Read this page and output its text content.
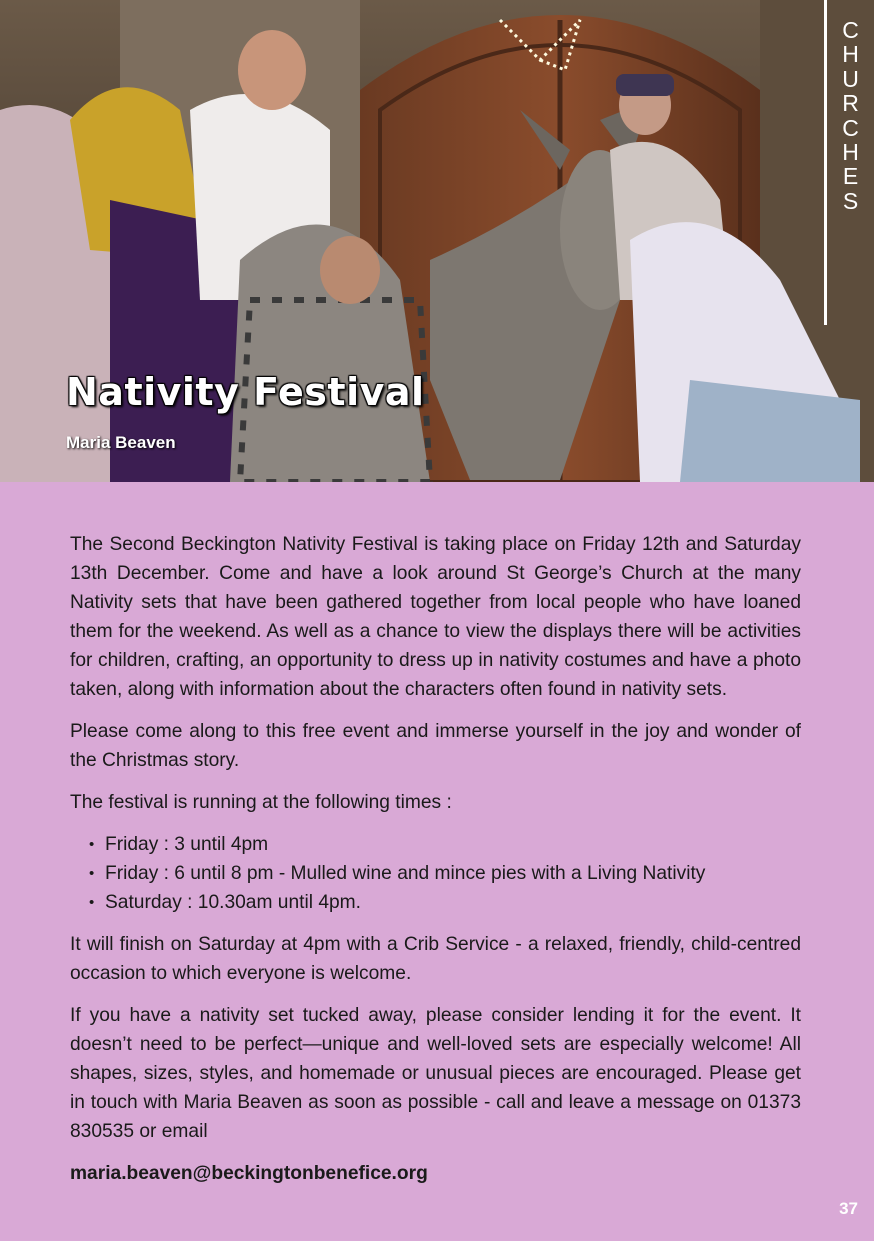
C
H
U
R
C
H
E
S
Nativity Festival
Maria Beaven

The Second Beckington Nativity Festival is taking place on Friday 12th and Saturday 13th December. Come and have a look around St George’s Church at the many Nativity sets that have been gathered together from local people who have loaned them for the weekend. As well as a chance to view the displays there will be activities for children, crafting, an opportunity to dress up in nativity costumes and have a photo taken, along with information about the characters often found in nativity sets.

Please come along to this free event and immerse yourself in the joy and wonder of the Christmas story.

The festival is running at the following times :

• Friday : 3 until 4pm
• Friday : 6 until 8 pm - Mulled wine and mince pies with a Living Nativity
• Saturday : 10.30am until 4pm.

It will finish on Saturday at 4pm with a Crib Service - a relaxed, friendly, child-centred occasion to which everyone is welcome.

If you have a nativity set tucked away, please consider lending it for the event. It doesn’t need to be perfect—unique and well-loved sets are especially welcome! All shapes, sizes, styles, and homemade or unusual pieces are encouraged. Please get in touch with Maria Beaven as soon as possible - call and leave a message on 01373 830535 or email

maria.beaven@beckingtonbenefice.org

37
